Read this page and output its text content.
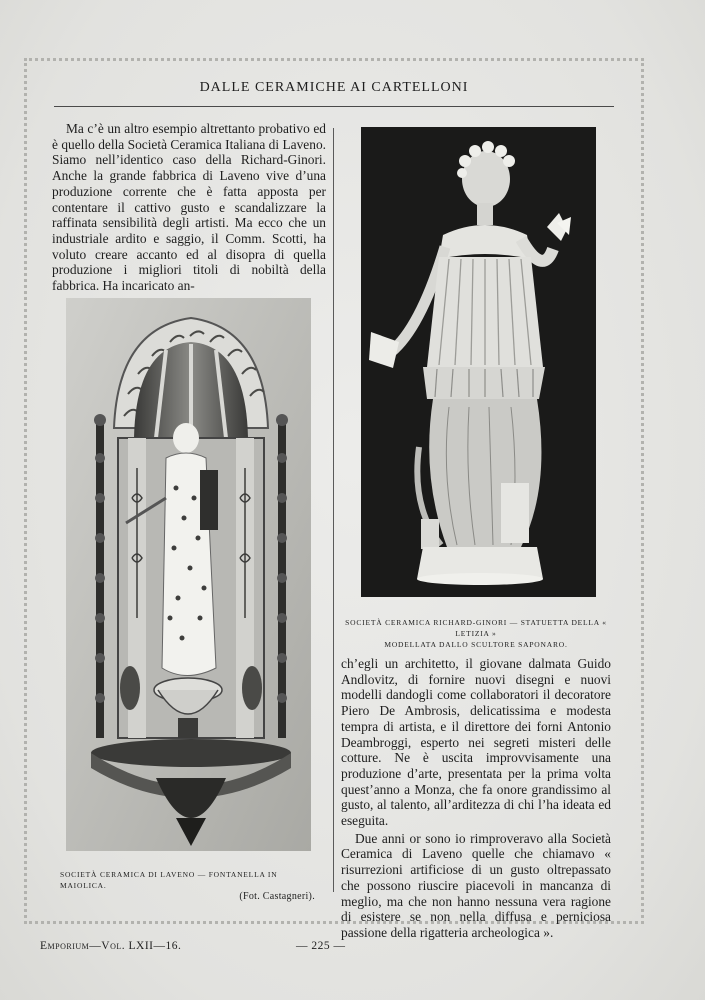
DALLE CERAMICHE AI CARTELLONI

Ma c’è un altro esempio altrettanto probativo ed è quello della Società Ceramica Italiana di Laveno. Siamo nell’identico caso della Richard-Ginori. Anche la grande fabbrica di Laveno vive d’una produzione corrente che è fatta apposta per contentare il cattivo gusto e scandalizzare la raffinata sensibilità degli artisti. Ma ecco che un industriale ardito e saggio, il Comm. Scotti, ha voluto creare accanto ed al disopra di quella produzione i migliori titoli di nobiltà della fabbrica. Ha incaricato an-

SOCIETÀ CERAMICA RICHARD-GINORI — STATUETTA DELLA « LETIZIA »
MODELLATA DALLO SCULTORE SAPONARO.

ch’egli un architetto, il giovane dalmata Guido Andlovitz, di fornire nuovi disegni e nuovi modelli dandogli come collaboratori il decoratore Piero De Ambrosis, delicatissima e modesta tempra di artista, e il direttore dei forni Antonio Deambroggi, esperto nei segreti misteri delle cotture. Ne è uscita improvvisamente una produzione d’arte, presentata per la prima volta quest’anno a Monza, che fa onore grandissimo al gusto, al talento, all’arditezza di chi l’ha ideata ed eseguita.

Due anni or sono io rimproveravo alla Società Ceramica di Laveno quelle che chiamavo « risurrezioni artificiose di un gusto oltrepassato che possono riuscire piacevoli in mancanza di meglio, ma che non hanno nessuna vera ragione di esistere se non nella diffusa e perniciosa passione della rigatteria archeologica ».

SOCIETÀ CERAMICA DI LAVENO — FONTANELLA IN MAIOLICA.
(Fot. Castagneri).
Emporium—Vol. LXII—16.	— 225 —
